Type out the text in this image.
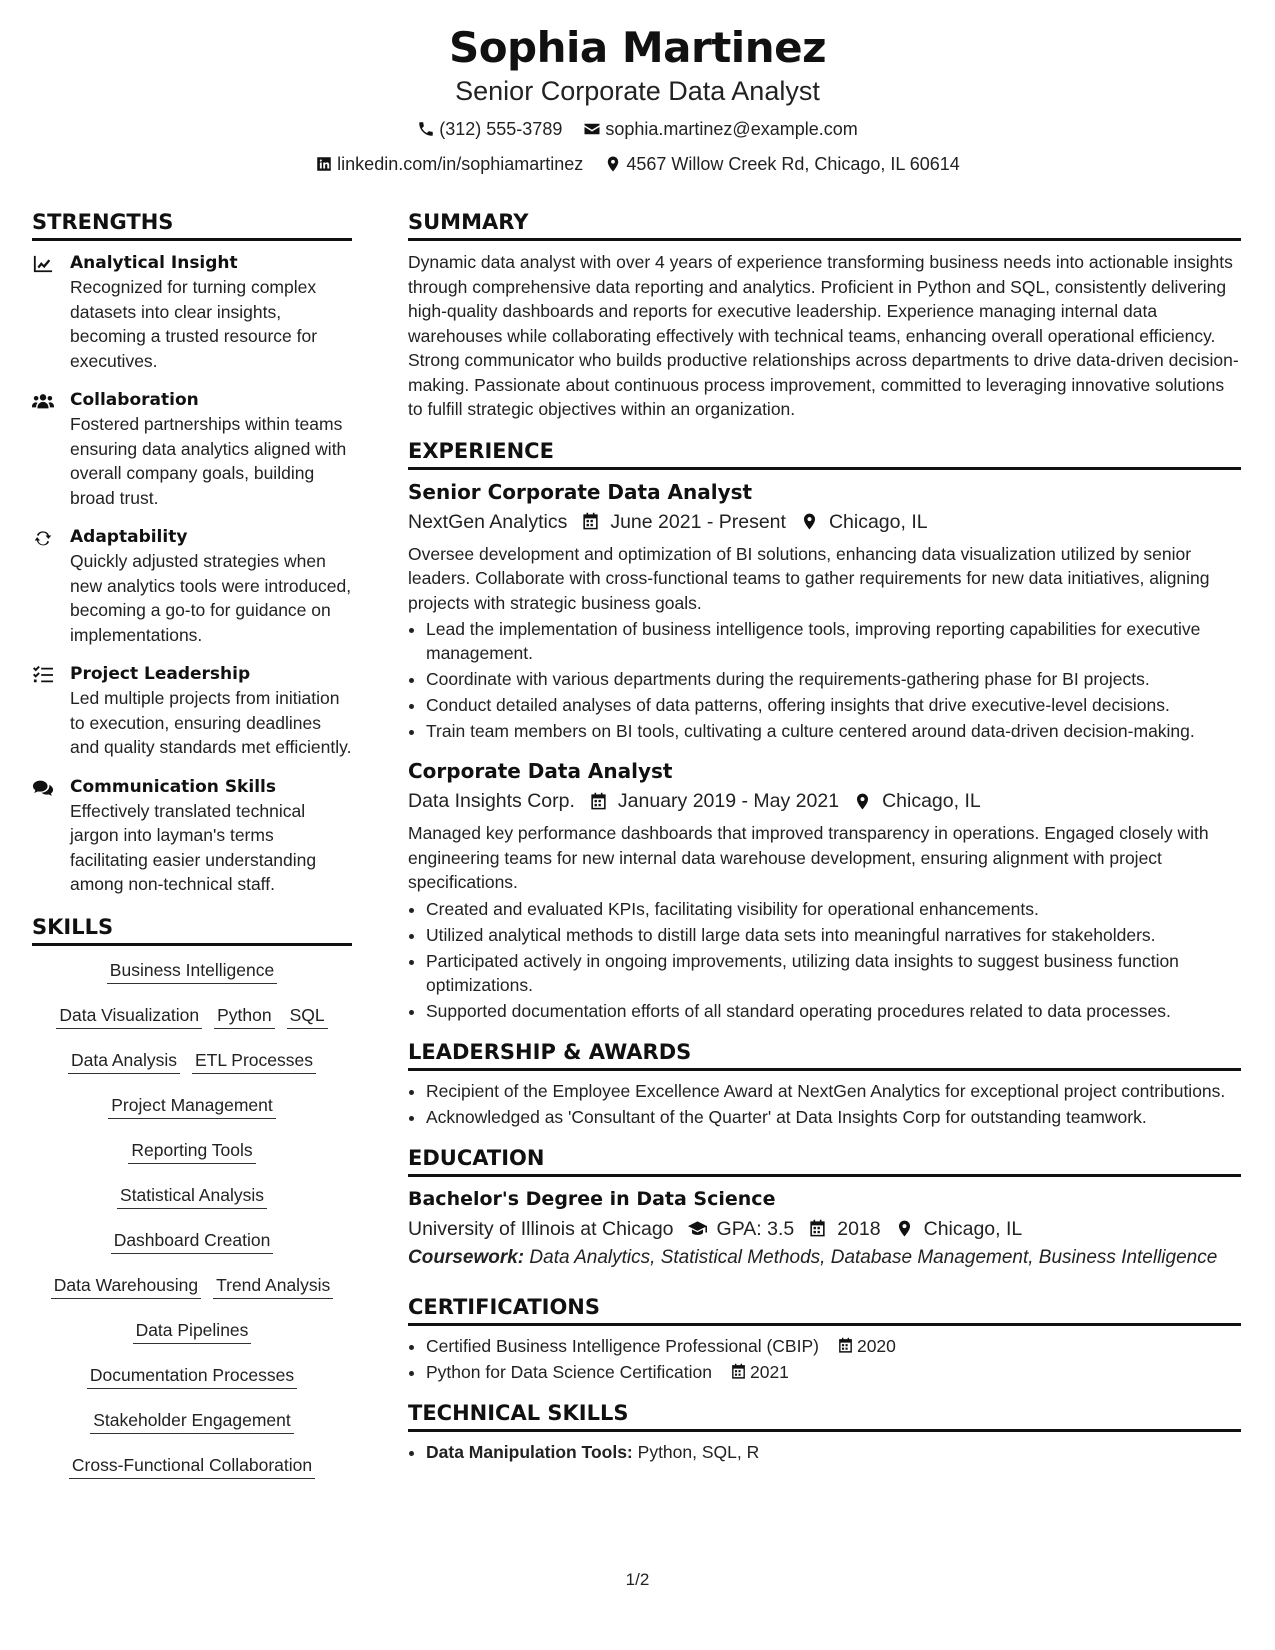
Sophia Martinez
Senior Corporate Data Analyst
(312) 555-3789
sophia.martinez@example.com
linkedin.com/in/sophiamartinez
4567 Willow Creek Rd, Chicago, IL 60614
STRENGTHS
Analytical Insight
Recognized for turning complex datasets into clear insights, becoming a trusted resource for executives.
Collaboration
Fostered partnerships within teams ensuring data analytics aligned with overall company goals, building broad trust.
Adaptability
Quickly adjusted strategies when new analytics tools were introduced, becoming a go-to for guidance on implementations.
Project Leadership
Led multiple projects from initiation to execution, ensuring deadlines and quality standards met efficiently.
Communication Skills
Effectively translated technical jargon into layman's terms facilitating easier understanding among non-technical staff.
SKILLS
Business Intelligence
Data Visualization Python SQL
Data Analysis ETL Processes
Project Management
Reporting Tools
Statistical Analysis
Dashboard Creation
Data Warehousing Trend Analysis
Data Pipelines
Documentation Processes
Stakeholder Engagement
Cross-Functional Collaboration
SUMMARY
Dynamic data analyst with over 4 years of experience transforming business needs into actionable insights through comprehensive data reporting and analytics. Proficient in Python and SQL, consistently delivering high-quality dashboards and reports for executive leadership. Experience managing internal data warehouses while collaborating effectively with technical teams, enhancing overall operational efficiency. Strong communicator who builds productive relationships across departments to drive data-driven decision-making. Passionate about continuous process improvement, committed to leveraging innovative solutions to fulfill strategic objectives within an organization.
EXPERIENCE
Senior Corporate Data Analyst
NextGen Analytics June 2021 - Present Chicago, IL
Oversee development and optimization of BI solutions, enhancing data visualization utilized by senior leaders. Collaborate with cross-functional teams to gather requirements for new data initiatives, aligning projects with strategic business goals.
• Lead the implementation of business intelligence tools, improving reporting capabilities for executive management.
• Coordinate with various departments during the requirements-gathering phase for BI projects.
• Conduct detailed analyses of data patterns, offering insights that drive executive-level decisions.
• Train team members on BI tools, cultivating a culture centered around data-driven decision-making.
Corporate Data Analyst
Data Insights Corp. January 2019 - May 2021 Chicago, IL
Managed key performance dashboards that improved transparency in operations. Engaged closely with engineering teams for new internal data warehouse development, ensuring alignment with project specifications.
• Created and evaluated KPIs, facilitating visibility for operational enhancements.
• Utilized analytical methods to distill large data sets into meaningful narratives for stakeholders.
• Participated actively in ongoing improvements, utilizing data insights to suggest business function optimizations.
• Supported documentation efforts of all standard operating procedures related to data processes.
LEADERSHIP & AWARDS
• Recipient of the Employee Excellence Award at NextGen Analytics for exceptional project contributions.
• Acknowledged as 'Consultant of the Quarter' at Data Insights Corp for outstanding teamwork.
EDUCATION
Bachelor's Degree in Data Science
University of Illinois at Chicago GPA: 3.5 2018 Chicago, IL
Coursework: Data Analytics, Statistical Methods, Database Management, Business Intelligence
CERTIFICATIONS
• Certified Business Intelligence Professional (CBIP) 2020
• Python for Data Science Certification 2021
TECHNICAL SKILLS
• Data Manipulation Tools: Python, SQL, R
1/2
